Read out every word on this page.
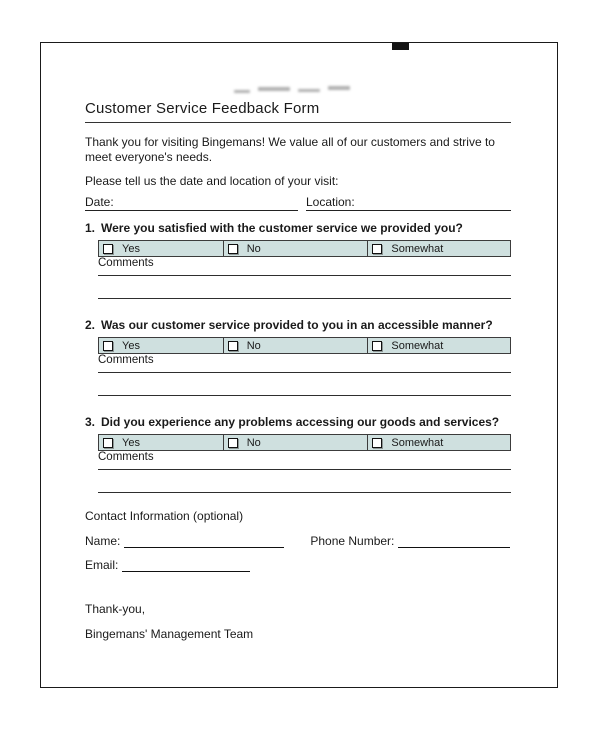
Customer Service Feedback Form

Thank you for visiting Bingemans! We value all of our customers and strive to meet everyone's needs.

Please tell us the date and location of your visit:

Date:	Location:
1. Were you satisfied with the customer service we provided you?
Yes	No	Somewhat
Comments
2. Was our customer service provided to you in an accessible manner?
Yes	No	Somewhat
Comments
3. Did you experience any problems accessing our goods and services?
Yes	No	Somewhat
Comments
Contact Information (optional)
Name:	Phone Number:
Email:
Thank-you,
Bingemans' Management Team
